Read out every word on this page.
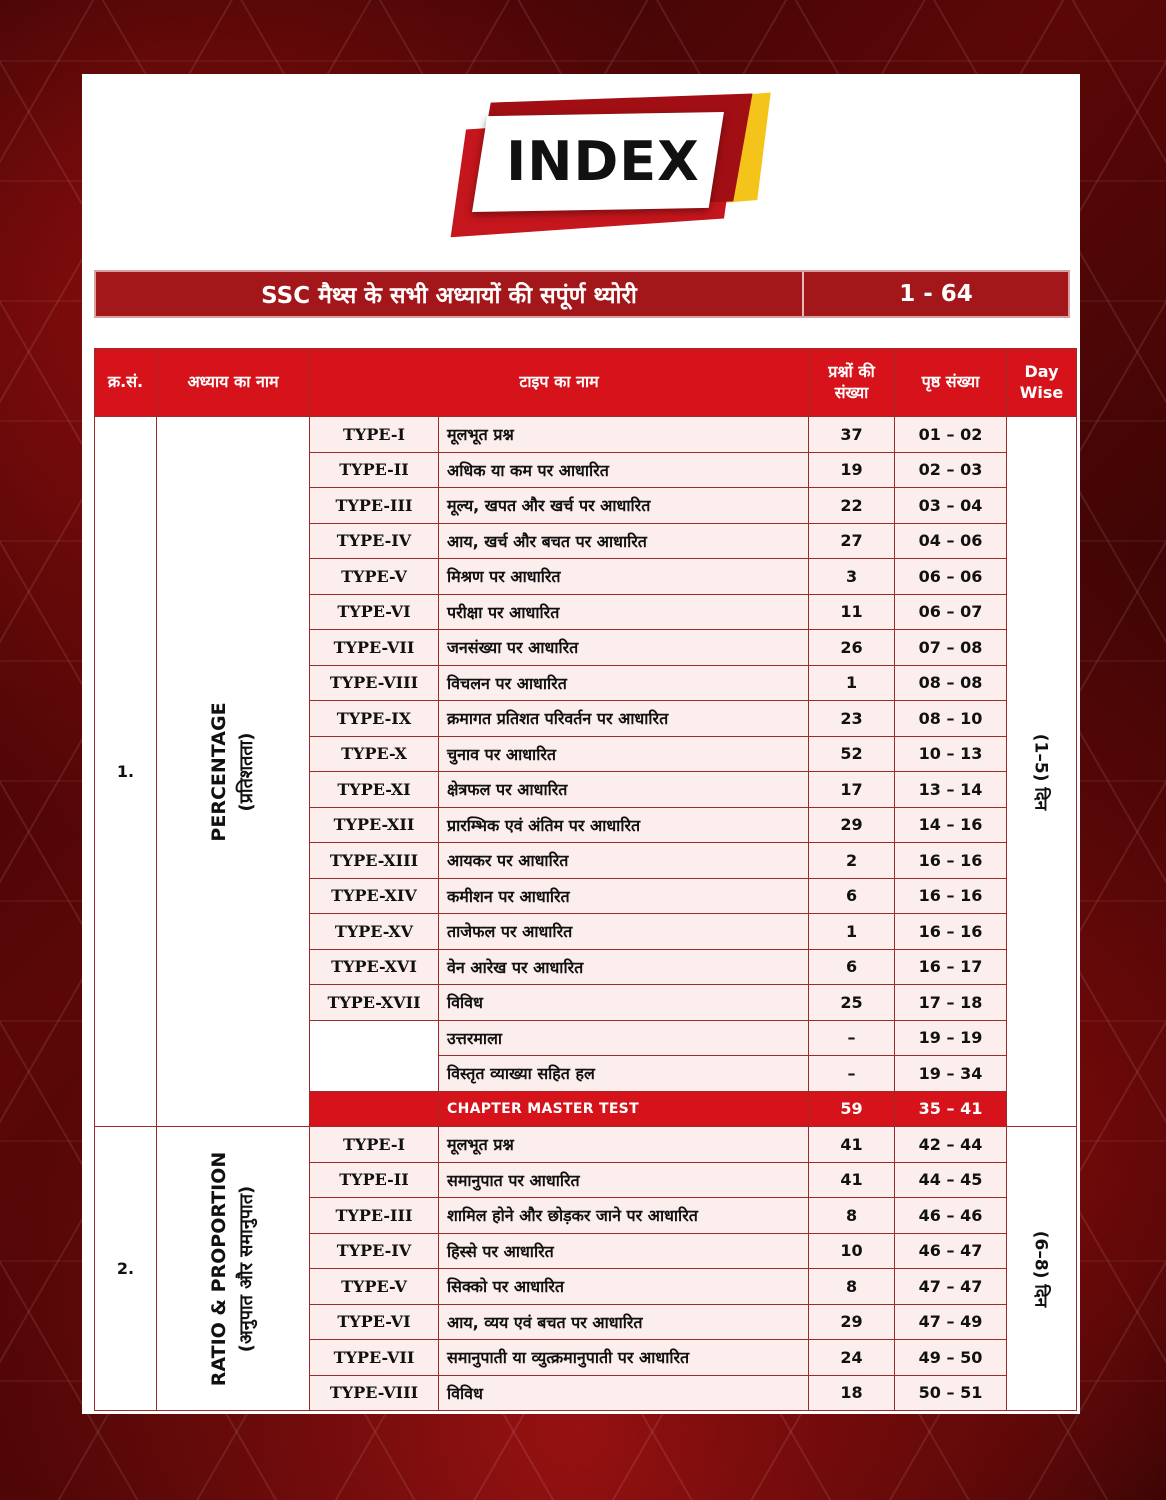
INDEX
SSC मैथ्स के सभी अध्यायों की सपूंर्ण थ्योरी	1 - 64
क्र.सं.	अध्याय का नाम	टाइप का नाम		प्रश्नों की संख्या	पृष्ठ संख्या	Day Wise
1.	PERCENTAGE (प्रतिशतता)	TYPE-I	मूलभूत प्रश्न	37	01 – 02	(1–5) दिन

		TYPE-II	अधिक या कम पर आधारित	19	02 – 03	
		TYPE-III	मूल्य, खपत और खर्च पर आधारित	22	03 – 04	
		TYPE-IV	आय, खर्च और बचत पर आधारित	27	04 – 06	
		TYPE-V	मिश्रण पर आधारित	3	06 – 06	
		TYPE-VI	परीक्षा पर आधारित	11	06 – 07	
		TYPE-VII	जनसंख्या पर आधारित	26	07 – 08	
		TYPE-VIII	विचलन पर आधारित	1	08 – 08	
		TYPE-IX	क्रमागत प्रतिशत परिवर्तन पर आधारित	23	08 – 10	
		TYPE-X	चुनाव पर आधारित	52	10 – 13	
		TYPE-XI	क्षेत्रफल पर आधारित	17	13 – 14	
		TYPE-XII	प्रारम्भिक एवं अंतिम पर आधारित	29	14 – 16	
		TYPE-XIII	आयकर पर आधारित	2	16 – 16	
		TYPE-XIV	कमीशन पर आधारित	6	16 – 16	
		TYPE-XV	ताजेफल पर आधारित	1	16 – 16	
		TYPE-XVI	वेन आरेख पर आधारित	6	16 – 17	
		TYPE-XVII	विविध	25	17 – 18	
			उत्तरमाला	–	19 – 19	
			विस्तृत व्याख्या सहित हल	–	19 – 34	
			CHAPTER MASTER TEST	59	35 – 41	
2.	RATIO & PROPORTION (अनुपात और समानुपात)	TYPE-I	मूलभूत प्रश्न	41	42 – 44	(6–8) दिन

		TYPE-II	समानुपात पर आधारित	41	44 – 45	
		TYPE-III	शामिल होने और छोड़कर जाने पर आधारित	8	46 – 46	
		TYPE-IV	हिस्से पर आधारित	10	46 – 47	
		TYPE-V	सिक्को पर आधारित	8	47 – 47	
		TYPE-VI	आय, व्यय एवं बचत पर आधारित	29	47 – 49	
		TYPE-VII	समानुपाती या व्युत्क्रमानुपाती पर आधारित	24	49 – 50	
		TYPE-VIII	विविध	18	50 – 51	
